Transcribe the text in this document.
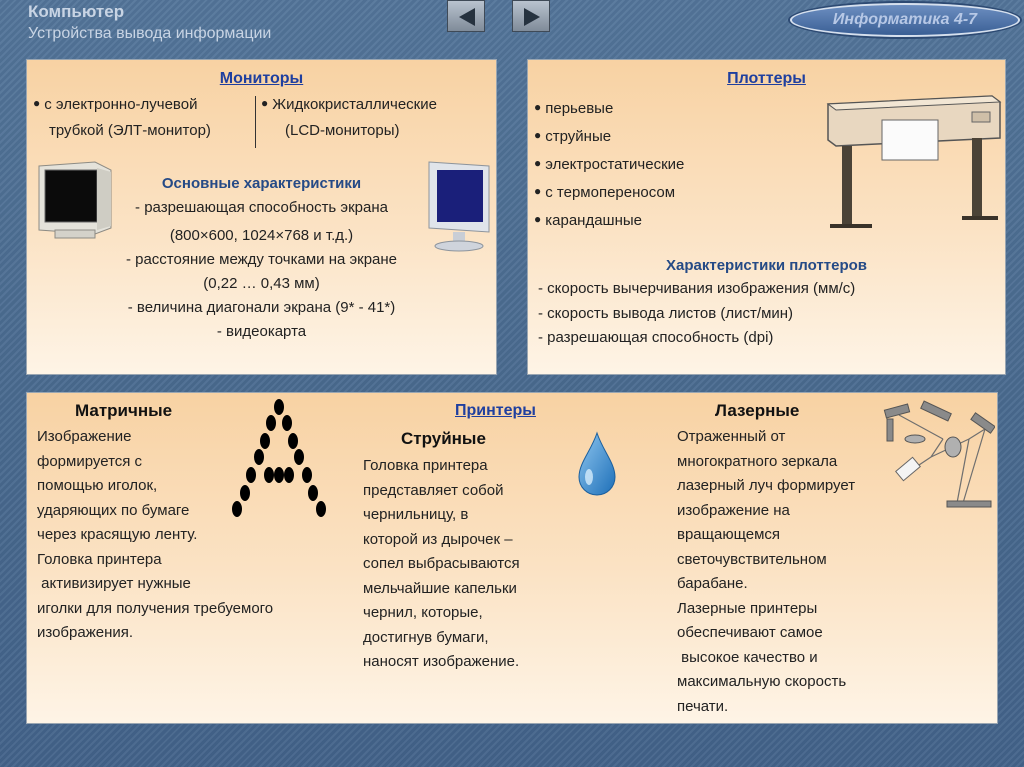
Компьютер
Устройства вывода информации
Информатика 4-7
Мониторы
● с электронно-лучевой
трубкой (ЭЛТ-монитор)
● Жидкокристаллические
(LCD-мониторы)
Основные характеристики
- разрешающая способность экрана
(800×600, 1024×768 и т.д.)
- расстояние между точками на экране
(0,22 … 0,43 мм)
- величина диагонали экрана (9* - 41*)
- видеокарта
Плоттеры
● перьевые
● струйные
● электростатические
● с термопереносом
● карандашные
Характеристики плоттеров
- скорость вычерчивания изображения (мм/с)
- скорость вывода листов (лист/мин)
- разрешающая способность (dpi)
Принтеры
Матричные
Изображение
формируется с
помощью иголок,
ударяющих по бумаге
через красящую ленту.
Головка принтера
активизирует нужные
иголки для получения требуемого
изображения.
Струйные
Головка принтера
представляет собой
чернильницу, в
которой из дырочек –
сопел выбрасываются
мельчайшие капельки
чернил, которые,
достигнув бумаги,
наносят изображение.
Лазерные
Отраженный от
многократного зеркала
лазерный луч формирует
изображение на
вращающемся
светочувствительном
барабане.
Лазерные принтеры
обеспечивают самое
высокое качество и
максимальную скорость
печати.
